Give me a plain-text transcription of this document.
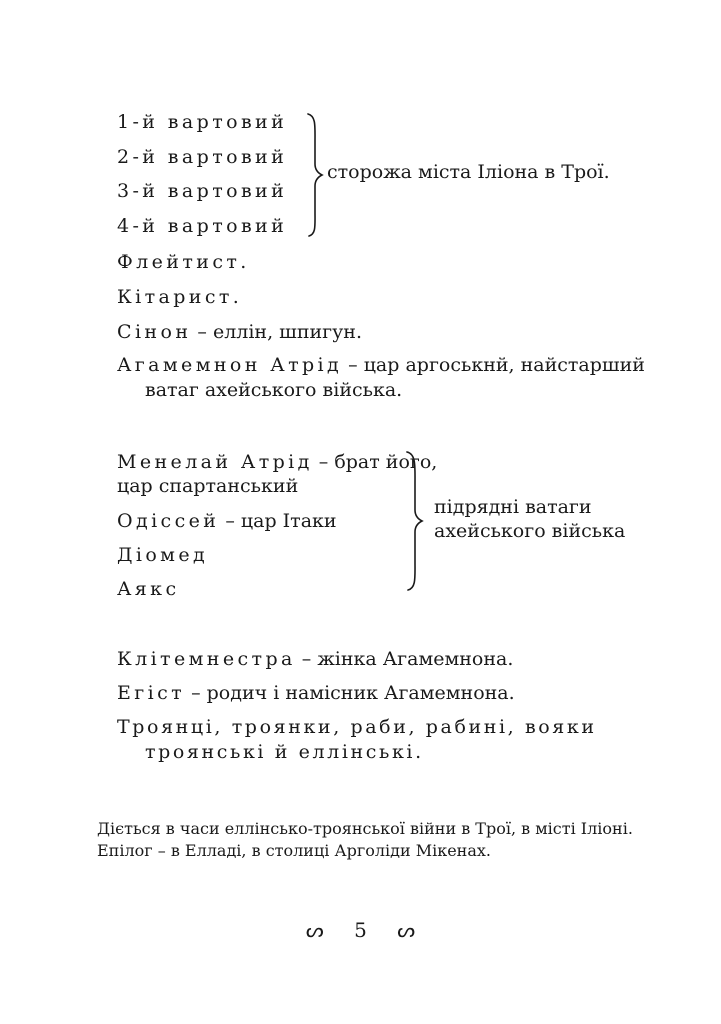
1-й вартовий
2-й вартовий
3-й вартовий
4-й вартовий
сторожа міста Іліона в Трої.
Флейтист.
Кітарист.
Сінон – еллін, шпигун.
Агамемнон Атрід – цар аргоськнй, найстарший
ватаг ахейського війська.
Менелай Атрід – брат його,
цар спартанський
Одіссей – цар Ітаки
Діомед
Аякс
підрядні ватаги
ахейського війська
Клітемнестра – жінка Агамемнона.
Егіст – родич і намісник Агамемнона.
Троянці, троянки, раби, рабині, вояки
троянські й еллінські.
Діється в часи еллінсько-троянської війни в Трої, в місті Іліоні.
Епілог – в Елладі, в столиці Арголіди Мікенах.
ᔕ 5 ᔕ
